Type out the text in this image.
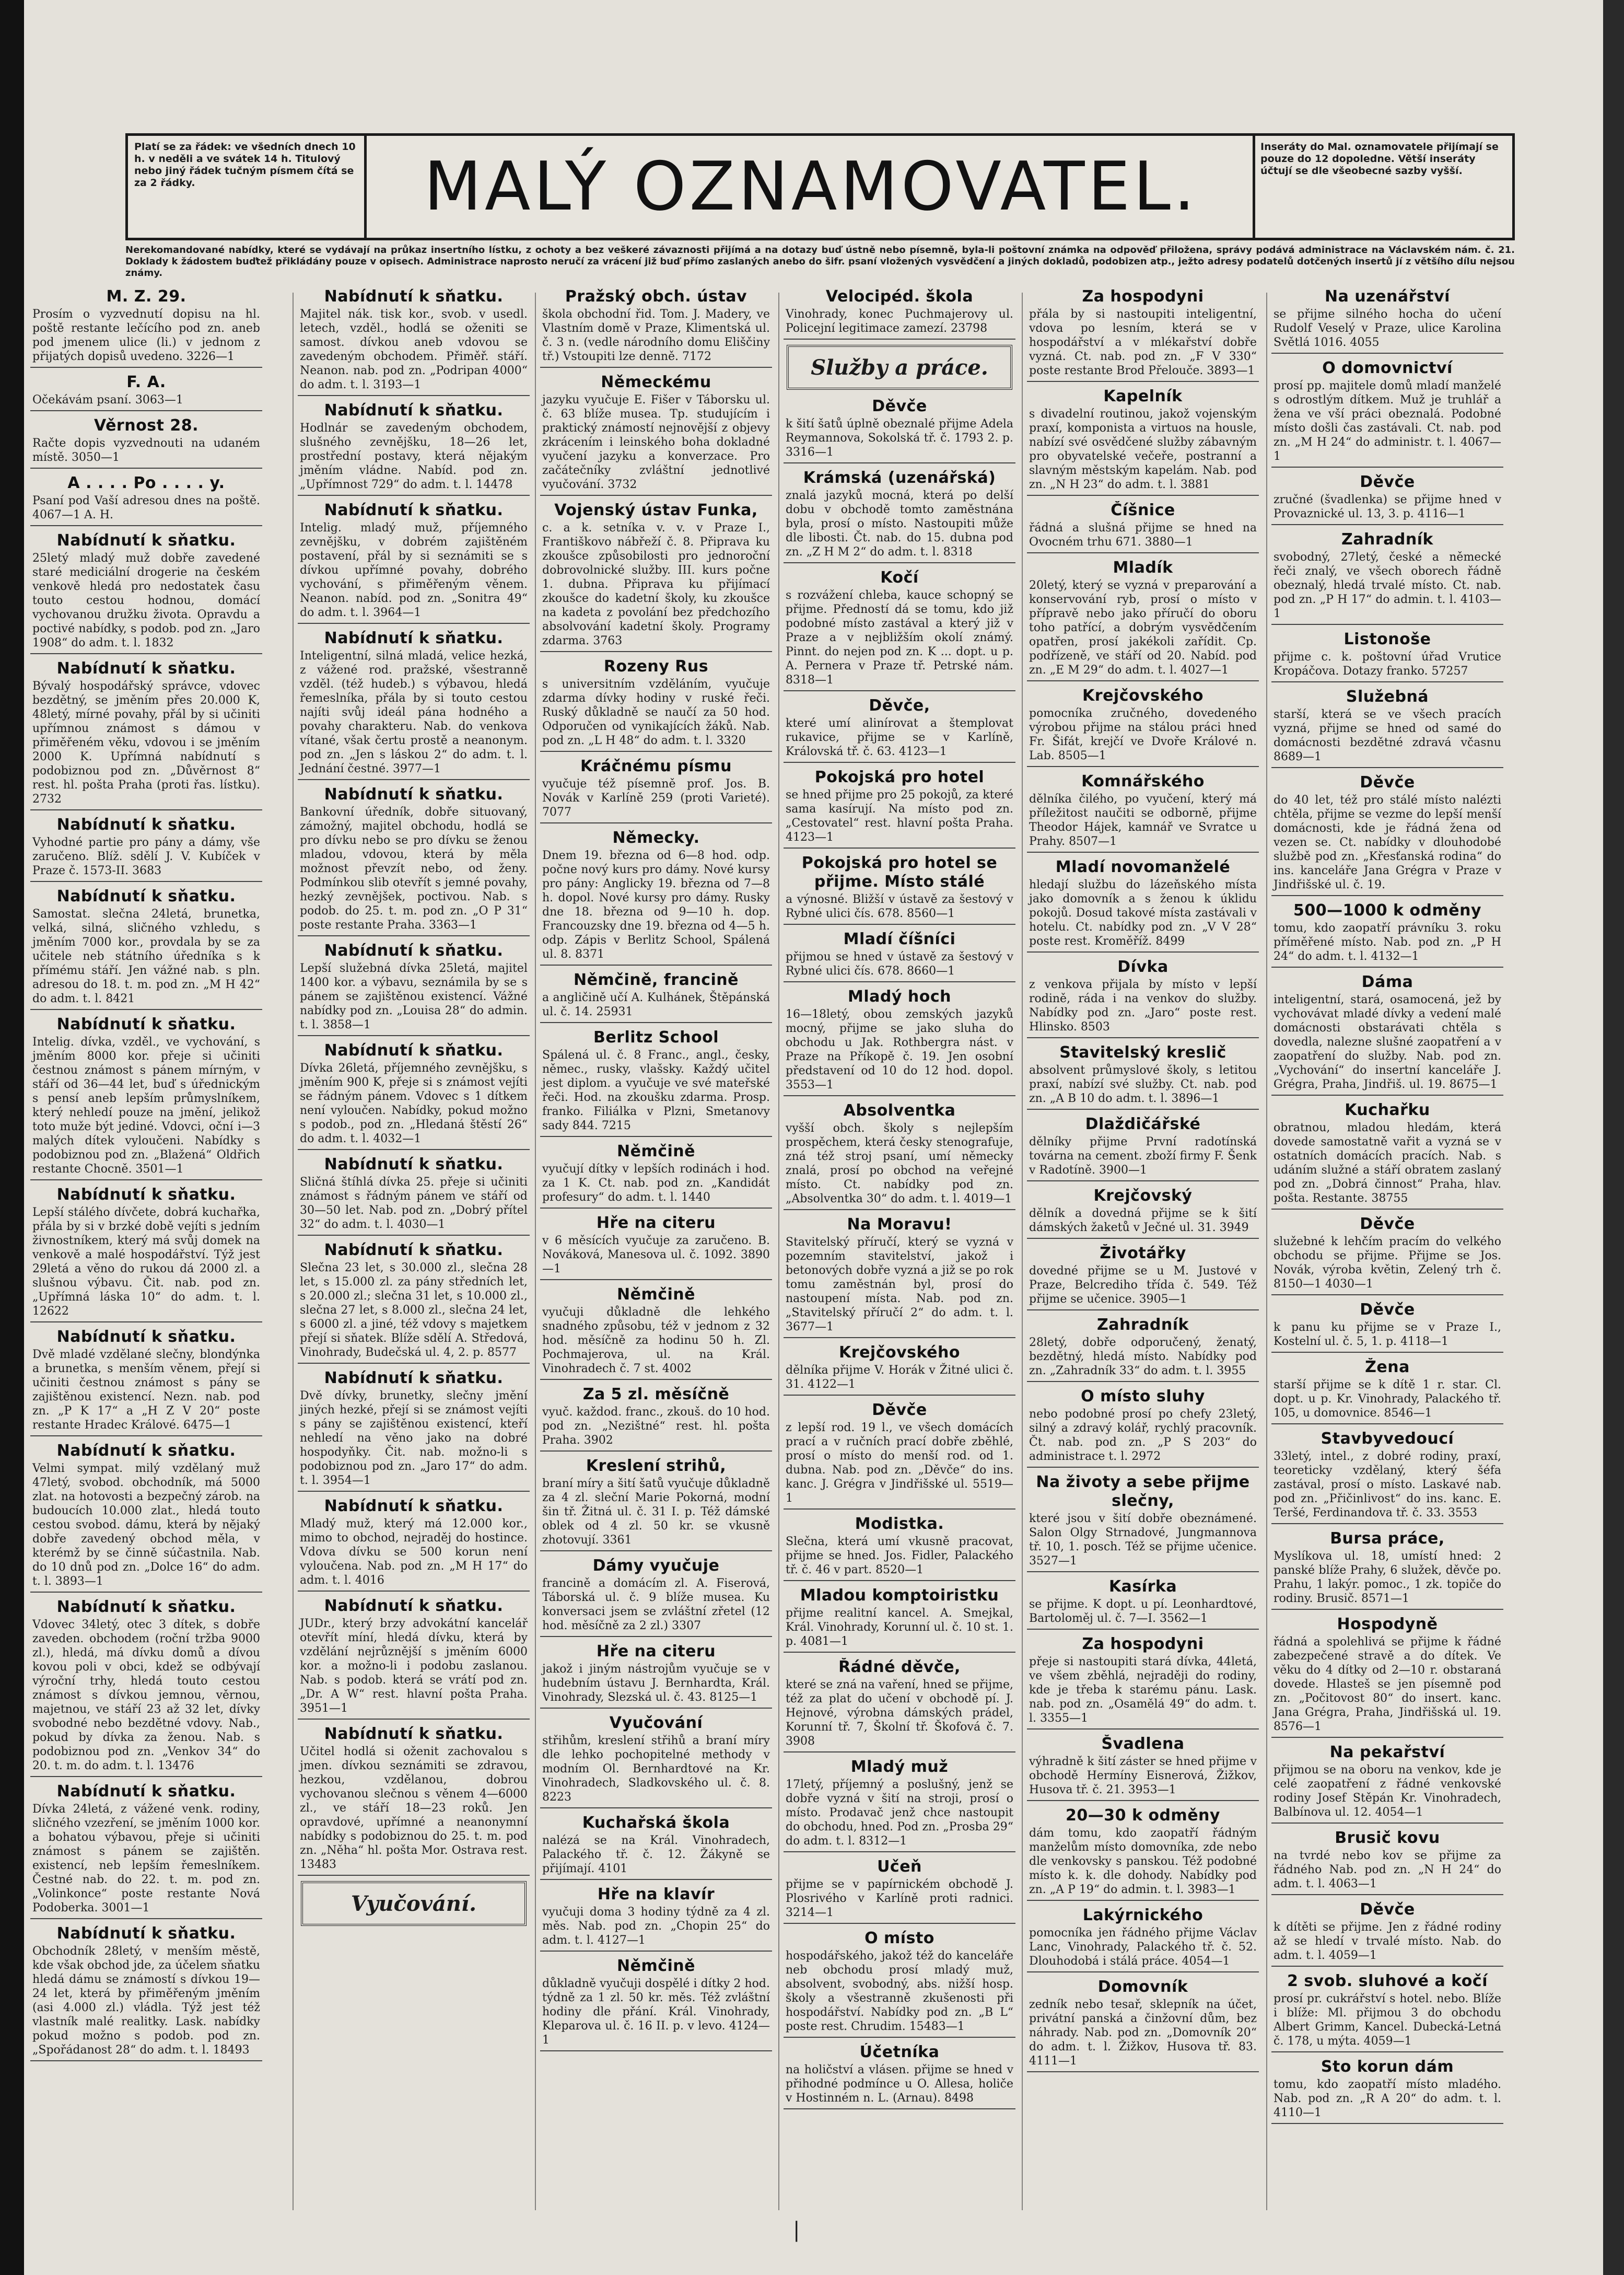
Platí se za řádek: ve všedních dnech 10 h. v neděli a ve svátek 14 h. Titulový nebo jiný řádek tučným písmem čítá se za 2 řádky.	MALÝ OZNAMOVATEL.
Inseráty do Mal. oznamovatele přijímají se pouze do 12 dopoledne. Větší inseráty účtují se dle všeobecné sazby vyšší.
Nerekomandované nabídky, které se vydávají na průkaz insertního lístku, z ochoty a bez veškeré závaznosti přijímá a na dotazy buď ústně nebo písemně, byla-li poštovní známka na odpověď přiložena, správy podává administrace na Václavském nám. č. 21. Doklady k žádostem buďtež přikládány pouze v opisech. Administrace naprosto neručí za vrácení již buď přímo zaslaných anebo do šifr. psaní vložených vysvědčení a jiných dokladů, podobizen atp., ježto adresy podatelů dotčených insertů jí z většího dílu nejsou známy.
M. Z. 29.
Prosím o vyzvednutí dopisu na hl. poště restante lečícího pod zn. aneb pod jmenem ulice (li.) v jednom z přijatých dopisů uvedeno. 3226—1
F. A.
Očekávám psaní. 3063—1
Věrnost 28.
Račte dopis vyzvednouti na udaném místě. 3050—1
A . . . . Po . . . . y.
Psaní pod Vaší adresou dnes na poště. 4067—1 A. H.
Nabídnutí k sňatku.
25letý mladý muž dobře zavedené staré mediciální drogerie na českém venkově hledá pro nedostatek času touto cestou hodnou, domácí vychovanou družku života. Opravdu a poctivé nabídky, s podob. pod zn. „Jaro 1908“ do adm. t. l. 1832
Nabídnutí k sňatku.
Bývalý hospodářský správce, vdovec bezdětný, se jměním přes 20.000 K, 48letý, mírné povahy, přál by si učiniti upřímnou známost s dámou v přiměřeném věku, vdovou i se jměním 2000 K. Upřímná nabídnutí s podobiznou pod zn. „Důvěrnost 8“ rest. hl. pošta Praha (proti řas. lístku). 2732
Nabídnutí k sňatku.
Vyhodné partie pro pány a dámy, vše zaručeno. Blíž. sdělí J. V. Kubíček v Praze č. 1573-II. 3683
Nabídnutí k sňatku.
Samostat. slečna 24letá, brunetka, velká, silná, sličného vzhledu, s jměním 7000 kor., provdala by se za učitele neb státního úředníka s k přímému stáří. Jen vážné nab. s pln. adresou do 18. t. m. pod zn. „M H 42“ do adm. t. l. 8421
Nabídnutí k sňatku.
Intelig. dívka, vzděl., ve vychování, s jměním 8000 kor. přeje si učiniti čestnou známost s pánem mírným, v stáří od 36—44 let, buď s úřednickým s pensí aneb lepším průmyslníkem, který nehledí pouze na jmění, jelikož toto muže být jediné. Vdovci, oční i—3 malých dítek vyloučeni. Nabídky s podobiznou pod zn. „Blažená“ Oldřich restante Chocně. 3501—1
Nabídnutí k sňatku.
Lepší stálého dívčete, dobrá kuchařka, přála by si v brzké době vejíti s jedním živnostníkem, který má svůj domek na venkově a malé hospodářství. Týž jest 29letá a věno do rukou dá 2000 zl. a slušnou výbavu. Čit. nab. pod zn. „Upřímná láska 10“ do adm. t. l. 12622
Nabídnutí k sňatku.
Dvě mladé vzdělané slečny, blondýnka a brunetka, s menším věnem, přejí si učiniti čestnou známost s pány se zajištěnou existencí. Nezn. nab. pod zn. „P K 17“ a „H Z V 20“ poste restante Hradec Králové. 6475—1
Nabídnutí k sňatku.
Velmi sympat. milý vzdělaný muž 47letý, svobod. obchodník, má 5000 zlat. na hotovosti a bezpečný zárob. na budoucích 10.000 zlat., hledá touto cestou svobod. dámu, která by nějaký dobře zavedený obchod měla, v kterémž by se činně súčastnila. Nab. do 10 dnů pod zn. „Dolce 16“ do adm. t. l. 3893—1
Nabídnutí k sňatku.
Vdovec 34letý, otec 3 dítek, s dobře zaveden. obchodem (roční tržba 9000 zl.), hledá, má dívku domů a dívou kovou poli v obci, kdež se odbývají výroční trhy, hledá touto cestou známost s dívkou jemnou, věrnou, majetnou, ve stáří 23 až 32 let, dívky svobodné nebo bezdětné vdovy. Nab., pokud by dívka za ženou. Nab. s podobiznou pod zn. „Venkov 34“ do 20. t. m. do adm. t. l. 13476
Nabídnutí k sňatku.
Dívka 24letá, z vážené venk. rodiny, sličného vzezření, se jměním 1000 kor. a bohatou výbavou, přeje si učiniti známost s pánem se zajištěn. existencí, neb lepším řemeslníkem. Čestné nab. do 22. t. m. pod zn. „Volinkonce“ poste restante Nová Podoberka. 3001—1
Nabídnutí k sňatku.
Obchodník 28letý, v menším městě, kde však obchod jde, za účelem sňatku hledá dámu se známostí s dívkou 19—24 let, která by přiměřeným jměním (asi 4.000 zl.) vládla. Týž jest též vlastník malé realitky. Lask. nabídky pokud možno s podob. pod zn. „Spořádanost 28“ do adm. t. l. 18493
Nabídnutí k sňatku.
Majitel nák. tisk kor., svob. v usedl. letech, vzděl., hodlá se oženiti se samost. dívkou aneb vdovou se zavedeným obchodem. Přiměř. stáří. Neanon. nab. pod zn. „Podripan 4000“ do adm. t. l. 3193—1
Nabídnutí k sňatku.
Hodlnár se zavedeným obchodem, slušného zevnějšku, 18—26 let, prostřední postavy, která nějakým jměním vládne. Nabíd. pod zn. „Upřímnost 729“ do adm. t. l. 14478
Nabídnutí k sňatku.
Intelig. mladý muž, příjemného zevnějšku, v dobrém zajištěném postavení, přál by si seznámiti se s dívkou upřímné povahy, dobrého vychování, s přiměřeným věnem. Neanon. nabíd. pod zn. „Sonitra 49“ do adm. t. l. 3964—1
Nabídnutí k sňatku.
Inteligentní, silná mladá, velice hezká, z vážené rod. pražské, všestranně vzděl. (též hudeb.) s výbavou, hledá řemeslníka, přála by si touto cestou najíti svůj ideál pána hodného a povahy charakteru. Nab. do venkova vítané, však čertu prostě a neanonym. pod zn. „Jen s láskou 2“ do adm. t. l. Jednání čestné. 3977—1
Nabídnutí k sňatku.
Bankovní úředník, dobře situovaný, zámožný, majitel obchodu, hodlá se pro dívku nebo se pro dívku se ženou mladou, vdovou, která by měla možnost převzít nebo, od ženy. Podmínkou slib otevřít s jemné povahy, hezký zevnějšek, poctivou. Nab. s podob. do 25. t. m. pod zn. „O P 31“ poste restante Praha. 3363—1
Nabídnutí k sňatku.
Lepší služebná dívka 25letá, majitel 1400 kor. a výbavu, seznámila by se s pánem se zajištěnou existencí. Vážné nabídky pod zn. „Louisa 28“ do admin. t. l. 3858—1
Nabídnutí k sňatku.
Dívka 26letá, příjemného zevnějšku, s jměním 900 K, přeje si s známost vejíti se řádným pánem. Vdovec s 1 dítkem není vyloučen. Nabídky, pokud možno s podob., pod zn. „Hledaná štěstí 26“ do adm. t. l. 4032—1
Nabídnutí k sňatku.
Sličná štíhlá dívka 25. přeje si učiniti známost s řádným pánem ve stáří od 30—50 let. Nab. pod zn. „Dobrý přítel 32“ do adm. t. l. 4030—1
Nabídnutí k sňatku.
Slečna 23 let, s 30.000 zl., slečna 28 let, s 15.000 zl. za pány středních let, s 20.000 zl.; slečna 31 let, s 10.000 zl., slečna 27 let, s 8.000 zl., slečna 24 let, s 6000 zl. a jiné, též vdovy s majetkem přejí si sňatek. Blíže sdělí A. Středová, Vinohrady, Budečská ul. 4, 2. p. 8577
Nabídnutí k sňatku.
Dvě dívky, brunetky, slečny jmění jiných hezké, přejí si se známost vejíti s pány se zajištěnou existencí, kteří nehledí na věno jako na dobré hospodyňky. Čit. nab. možno-li s podobiznou pod zn. „Jaro 17“ do adm. t. l. 3954—1
Nabídnutí k sňatku.
Mladý muž, který má 12.000 kor., mimo to obchod, nejraděj do hostince. Vdova dívku se 500 korun není vyloučena. Nab. pod zn. „M H 17“ do adm. t. l. 4016
Nabídnutí k sňatku.
JUDr., který brzy advokátní kancelář otevřít míní, hledá dívku, která by vzdělání nejrůznější s jměním 6000 kor. a možno-li i podobu zaslanou. Nab. s podob. která se vrátí pod zn. „Dr. A W“ rest. hlavní pošta Praha. 3951—1
Nabídnutí k sňatku.
Učitel hodlá si oženit zachovalou s jmen. dívkou seznámiti se zdravou, hezkou, vzdělanou, dobrou vychovanou slečnou s věnem 4—6000 zl., ve stáří 18—23 roků. Jen opravdové, upřímné a neanonymní nabídky s podobiznou do 25. t. m. pod zn. „Něha“ hl. pošta Mor. Ostrava rest. 13483
Vyučování.
Pražský obch. ústav
škola obchodní řid. Tom. J. Madery, ve Vlastním domě v Praze, Klimentská ul. č. 3 n. (vedle národního domu Eliščiny tř.) Vstoupiti lze denně. 7172
Německému
jazyku vyučuje E. Fišer v Táborsku ul. č. 63 blíže musea. Tp. studujícím i praktický známostí nejnovější z objevy zkrácením i leinského boha dokladné vyučení jazyku a konverzace. Pro začátečníky zvláštní jednotlivé vyučování. 3732
Vojenský ústav Funka,
c. a k. setníka v. v. v Praze I., Františkovo nábřeží č. 8. Připrava ku zkoušce způsobilosti pro jednoroční dobrovolnické služby. III. kurs počne 1. dubna. Připrava ku přijímací zkoušce do kadetní školy, ku zkoušce na kadeta z povolání bez předchozího absolvování kadetní školy. Programy zdarma. 3763
Rozeny Rus
s universitním vzděláním, vyučuje zdarma dívky hodiny v ruské řeči. Ruský důkladně se naučí za 50 hod. Odporučen od vynikajících žáků. Nab. pod zn. „L H 48“ do adm. t. l. 3320
Kráčnému písmu
vyučuje též písemně prof. Jos. B. Novák v Karlíně 259 (proti Varieté). 7077
Německy.
Dnem 19. března od 6—8 hod. odp. počne nový kurs pro dámy. Nové kursy pro pány: Anglicky 19. března od 7—8 h. dopol. Nové kursy pro dámy. Rusky dne 18. března od 9—10 h. dop. Francouzsky dne 19. března od 4—5 h. odp. Zápis v Berlitz School, Spálená ul. 8. 8371
Němčině, francině
a angličině učí A. Kulhánek, Štěpánská ul. č. 14. 25931
Berlitz School
Spálená ul. č. 8 Franc., angl., česky, němec., rusky, vlašsky. Každý učitel jest diplom. a vyučuje ve své mateřské řeči. Hod. na zkoušku zdarma. Prosp. franko. Filiálka v Plzni, Smetanovy sady 844. 7215
Němčině
vyučují dítky v lepších rodinách i hod. za 1 K. Ct. nab. pod zn. „Kandidát profesury“ do adm. t. l. 1440
Hře na citeru
v 6 měsících vyučuje za zaručeno. B. Nováková, Manesova ul. č. 1092. 3890—1
Němčině
vyučuji důkladně dle lehkého snadného způsobu, též v jednom z 32 hod. měsíčně za hodinu 50 h. Zl. Pochmajerova, ul. na Král. Vinohradech č. 7 st. 4002
Za 5 zl. měsíčně
vyuč. každod. franc., zkouš. do 10 hod. pod zn. „Nezištné“ rest. hl. pošta Praha. 3902
Kreslení strihů,
braní míry a šití šatů vyučuje důkladně za 4 zl. sleční Marie Pokorná, modní šin tř. Žitná ul. č. 31 I. p. Též dámské oblek od 4 zl. 50 kr. se vkusně zhotovují. 3361
Dámy vyučuje
francině a domácím zl. A. Fiserová, Táborská ul. č. 9 blíže musea. Ku konversaci jsem se zvláštní zřetel (12 hod. měsíčně za 2 zl.) 3307
Hře na citeru
jakož i jiným nástrojům vyučuje se v hudebním ústavu J. Bernhardta, Král. Vinohrady, Slezská ul. č. 43. 8125—1
Vyučování
střihům, kreslení střihů a braní míry dle lehko pochopitelné methody v modním Ol. Bernhardtové na Kr. Vinohradech, Sladkovského ul. č. 8. 8223
Kuchařská škola
nalézá se na Král. Vinohradech, Palackého tř. č. 12. Žákyně se přijímají. 4101
Hře na klavír
vyučuji doma 3 hodiny týdně za 4 zl. měs. Nab. pod zn. „Chopin 25“ do adm. t. l. 4127—1
Němčině
důkladně vyučuji dospělé i dítky 2 hod. týdně za 1 zl. 50 kr. měs. Též zvláštní hodiny dle přání. Král. Vinohrady, Kleparova ul. č. 16 II. p. v levo. 4124—1
Velocipéd. škola
Vinohrady, konec Puchmajerovy ul. Policejní legitimace zamezí. 23798
Služby a práce.
Děvče
k šití šatů úplně obeznalé přijme Adela Reymannova, Sokolská tř. č. 1793 2. p. 3316—1
Krámská (uzenářská)
znalá jazyků mocná, která po delší dobu v obchodě tomto zaměstnána byla, prosí o místo. Nastoupiti může dle libosti. Čt. nab. do 15. dubna pod zn. „Z H M 2“ do adm. t. l. 8318
Kočí
s rozvážení chleba, kauce schopný se přijme. Předností dá se tomu, kdo již podobné místo zastával a který již v Praze a v nejbližším okolí známý. Pinnt. do nejen pod zn. K ... dopt. u p. A. Pernera v Praze tř. Petrské nám. 8318—1
Děvče,
které umí alinírovat a štemplovat rukavice, přijme se v Karlíně, Královská tř. č. 63. 4123—1
Pokojská pro hotel
se hned přijme pro 25 pokojů, za které sama kasírují. Na místo pod zn. „Cestovatel“ rest. hlavní pošta Praha. 4123—1
Pokojská pro hotel se přijme. Místo stálé
a výnosné. Bližší v ústavě za šestový v Rybné ulici čís. 678. 8560—1
Mladí číšníci
přijmou se hned v ústavě za šestový v Rybné ulici čís. 678. 8660—1
Mladý hoch
16—18letý, obou zemských jazyků mocný, přijme se jako sluha do obchodu u Jak. Rothbergra nást. v Praze na Příkopě č. 19. Jen osobní představení od 10 do 12 hod. dopol. 3553—1
Absolventka
vyšší obch. školy s nejlepším prospěchem, která česky stenografuje, zná též stroj psaní, umí německy znalá, prosí po obchod na veřejné místo. Ct. nabídky pod zn. „Absolventka 30“ do adm. t. l. 4019—1
Na Moravu!
Stavitelský příručí, který se vyzná v pozemním stavitelství, jakož i betonových dobře vyzná a již se po rok tomu zaměstnán byl, prosí do nastoupení místa. Nab. pod zn. „Stavitelský příručí 2“ do adm. t. l. 3677—1
Krejčovského
dělníka přijme V. Horák v Žitné ulici č. 31. 4122—1
Děvče
z lepší rod. 19 l., ve všech domácích prací a v ručních prací dobře zběhlé, prosí o místo do menší rod. od 1. dubna. Nab. pod zn. „Děvče“ do ins. kanc. J. Grégra v Jindřišské ul. 5519—1
Modistka.
Slečna, která umí vkusně pracovat, přijme se hned. Jos. Fidler, Palackého tř. č. 46 v part. 8520—1
Mladou komptoiristku
přijme realitní kancel. A. Smejkal, Král. Vinohrady, Korunní ul. č. 10 st. 1. p. 4081—1
Řádné děvče,
které se zná na vaření, hned se přijme, též za plat do učení v obchodě pí. J. Hejnové, výrobna dámských prádel, Korunní tř. 7, Školní tř. Škofová č. 7. 3908
Mladý muž
17letý, příjemný a poslušný, jenž se dobře vyzná v šití na stroji, prosí o místo. Prodavač jenž chce nastoupit do obchodu, hned. Pod zn. „Prosba 29“ do adm. t. l. 8312—1
Učeň
přijme se v papírnickém obchodě J. Plosrivého v Karlíně proti radnici. 3214—1
O místo
hospodářského, jakož též do kanceláře neb obchodu prosí mladý muž, absolvent, svobodný, abs. nižší hosp. školy a všestranně zkušenosti při hospodářství. Nabídky pod zn. „B L“ poste rest. Chrudim. 15483—1
Účetníka
na holičství a vlásen. přijme se hned v přihodné podmínce u O. Allesa, holiče v Hostinném n. L. (Arnau). 8498
Za hospodyni
přála by si nastoupiti inteligentní, vdova po lesním, která se v hospodářství a v mlékařství dobře vyzná. Ct. nab. pod zn. „F V 330“ poste restante Brod Přelouče. 3893—1
Kapelník
s divadelní routinou, jakož vojenským praxí, komponista a virtuos na housle, nabízí své osvědčené služby zábavným pro obyvatelské večeře, postranní a slavným městským kapelám. Nab. pod zn. „N H 23“ do adm. t. l. 3881
Číšnice
řádná a slušná přijme se hned na Ovocném trhu 671. 3880—1
Mladík
20letý, který se vyzná v preparování a konservování ryb, prosí o místo v přípravě nebo jako příručí do oboru toho patřící, a dobrým vysvědčením opatřen, prosí jakékoli zařídit. Cp. podřízeně, ve stáří od 20. Nabíd. pod zn. „E M 29“ do adm. t. l. 4027—1
Krejčovského
pomocníka zručného, dovedeného výrobou přijme na stálou práci hned Fr. Šifát, krejčí ve Dvoře Králové n. Lab. 8505—1
Komnářského
dělníka čilého, po vyučení, který má příležitost naučiti se odborně, přijme Theodor Hájek, kamnář ve Svratce u Prahy. 8507—1
Mladí novomanželé
hledají službu do lázeňského místa jako domovník a s ženou k úklidu pokojů. Dosud takové místa zastávali v hotelu. Ct. nabídky pod zn. „V V 28“ poste rest. Kroměříž. 8499
Dívka
z venkova přijala by místo v lepší rodině, ráda i na venkov do služby. Nabídky pod zn. „Jaro“ poste rest. Hlinsko. 8503
Stavitelský kreslič
absolvent průmyslové školy, s letitou praxí, nabízí své služby. Ct. nab. pod zn. „A B 10 do adm. t. l. 3896—1
Dlaždičářské
dělníky přijme První radotínská továrna na cement. zboží firmy F. Šenk v Radotíně. 3900—1
Krejčovský
dělník a dovedná přijme se k šití dámských žaketů v Ječné ul. 31. 3949
Životářky
dovedné přijme se u M. Justové v Praze, Belcrediho třída č. 549. Též přijme se učenice. 3905—1
Zahradník
28letý, dobře odporučený, ženatý, bezdětný, hledá místo. Nabídky pod zn. „Zahradník 33“ do adm. t. l. 3955
O místo sluhy
nebo podobné prosí po chefy 23letý, silný a zdravý kolář, rychlý pracovník. Čt. nab. pod zn. „P S 203“ do administrace t. l. 2972
Na životy a sebe přijme slečny,
které jsou v šití dobře obeznámené. Salon Olgy Strnadové, Jungmannova tř. 10, 1. posch. Též se přijme učenice. 3527—1
Kasírka
se přijme. K dopt. u pí. Leonhardtové, Bartoloměj ul. č. 7—I. 3562—1
Za hospodyni
přeje si nastoupiti stará dívka, 44letá, ve všem zběhlá, nejraději do rodiny, kde je třeba k starému pánu. Lask. nab. pod zn. „Osamělá 49“ do adm. t. l. 3355—1
Švadlena
výhradně k šití záster se hned přijme v obchodě Hermíny Eisnerová, Žižkov, Husova tř. č. 21. 3953—1
20—30 k odměny
dám tomu, kdo zaopatří řádným manželům místo domovníka, zde nebo dle venkovsky s panskou. Též podobné místo k. k. dle dohody. Nabídky pod zn. „A P 19“ do admin. t. l. 3983—1
Lakýrnického
pomocníka jen řádného přijme Václav Lanc, Vinohrady, Palackého tř. č. 52. Dlouhodobá i stálá práce. 4054—1
Domovník
zedník nebo tesař, sklepník na účet, privátní panská a činžovní dům, bez náhrady. Nab. pod zn. „Domovník 20“ do adm. t. l. Žižkov, Husova tř. 83. 4111—1
Na uzenářství
se přijme silného hocha do učení Rudolf Veselý v Praze, ulice Karolina Světlá 1016. 4055
O domovnictví
prosí pp. majitele domů mladí manželé s odrostlým dítkem. Muž je truhlář a žena ve vší práci obeznalá. Podobné místo došli čas zastávali. Ct. nab. pod zn. „M H 24“ do administr. t. l. 4067—1
Děvče
zručné (švadlenka) se přijme hned v Provaznické ul. 13, 3. p. 4116—1
Zahradník
svobodný, 27letý, české a německé řeči znalý, ve všech oborech řádně obeznalý, hledá trvalé místo. Ct. nab. pod zn. „P H 17“ do admin. t. l. 4103—1
Listonoše
přijme c. k. poštovní úřad Vrutice Kropáčova. Dotazy franko. 57257
Služebná
starší, která se ve všech pracích vyzná, přijme se hned od samé do domácnosti bezdětné zdravá včasnu 8689—1
Děvče
do 40 let, též pro stálé místo nalézti chtěla, přijme se vezme do lepší menší domácnosti, kde je řádná žena od vezen se. Ct. nabídky v dlouhodobé službě pod zn. „Křesťanská rodina“ do ins. kanceláře Jana Grégra v Praze v Jindřišské ul. č. 19.
500—1000 k odměny
tomu, kdo zaopatří právníku 3. roku příměřené místo. Nab. pod zn. „P H 24“ do adm. t. l. 4132—1
Dáma
inteligentní, stará, osamocená, jež by vychovávat mladé dívky a vedení malé domácnosti obstarávati chtěla s dovedla, nalezne slušné zaopatření a v zaopatření do služby. Nab. pod zn. „Vychování“ do insertní kanceláře J. Grégra, Praha, Jindřiš. ul. 19. 8675—1
Kuchařku
obratnou, mladou hledám, která dovede samostatně vařit a vyzná se v ostatních domácích pracích. Nab. s udáním služné a stáří obratem zaslaný pod zn. „Dobrá činnost“ Praha, hlav. pošta. Restante. 38755
Děvče
služebné k lehčím pracím do velkého obchodu se přijme. Přijme se Jos. Novák, výroba květin, Zelený trh č. 8150—1 4030—1
Děvče
k panu ku přijme se v Praze I., Kostelní ul. č. 5, 1. p. 4118—1
Žena
starší přijme se k dítě 1 r. star. Cl. dopt. u p. Kr. Vinohrady, Palackého tř. 105, u domovnice. 8546—1
Stavbyvedoucí
33letý, intel., z dobré rodiny, praxí, teoreticky vzdělaný, který šéfa zastával, prosí o místo. Laskavé nab. pod zn. „Přičinlivost“ do ins. kanc. E. Teršé, Ferdinandova tř. č. 33. 3553
Bursa práce,
Myslíkova ul. 18, umístí hned: 2 panské blíže Prahy, 6 služek, děvče po. Prahu, 1 lakýr. pomoc., 1 zk. topiče do rodiny. Brusič. 8571—1
Hospodyně
řádná a spolehlivá se přijme k řádné zabezpečené stravě a do dítek. Ve věku do 4 dítky od 2—10 r. obstaraná dovede. Hlasteš se jen písemně pod zn. „Počitovost 80“ do insert. kanc. Jana Grégra, Praha, Jindřišská ul. 19. 8576—1
Na pekařství
přijmou se na oboru na venkov, kde je celé zaopatření z řádné venkovské rodiny Josef Stěpán Kr. Vinohradech, Balbínova ul. 12. 4054—1
Brusič kovu
na tvrdé nebo kov se přijme za řádného Nab. pod zn. „N H 24“ do adm. t. l. 4063—1
Děvče
k dítěti se přijme. Jen z řádné rodiny až se hledí v trvalé místo. Nab. do adm. t. l. 4059—1
2 svob. sluhové a kočí
prosí pr. cukrářství s hotel. nebo. Blíže i blíže: Ml. přijmou 3 do obchodu Albert Grimm, Kancel. Dubecká-Letná č. 178, u mýta. 4059—1
Sto korun dám
tomu, kdo zaopatří místo mladého. Nab. pod zn. „R A 20“ do adm. t. l. 4110—1
|
